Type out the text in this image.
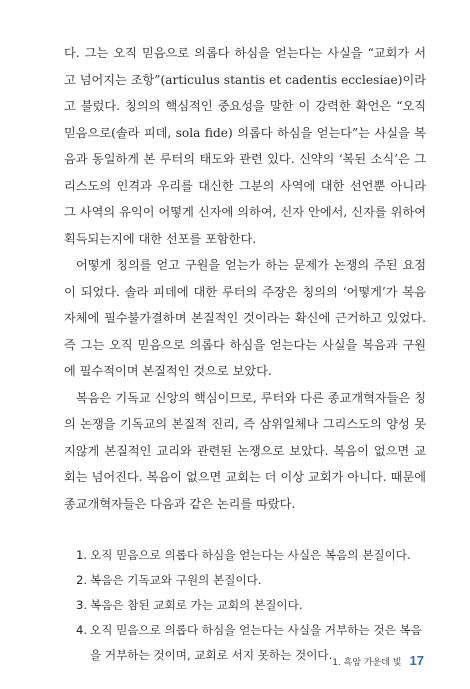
다. 그는 오직 믿음으로 의롭다 하심을 얻는다는 사실을 “교회가 서고 넘어지는 조항”(articulus stantis et cadentis ecclesiae)이라고 불렀다. 칭의의 핵심적인 중요성을 말한 이 강력한 확언은 “오직 믿음으로(솔라 피데, sola fide) 의롭다 하심을 얻는다”는 사실을 복음과 동일하게 본 루터의 태도와 관련 있다. 신약의 ‘복된 소식’은 그리스도의 인격과 우리를 대신한 그분의 사역에 대한 선언뿐 아니라 그 사역의 유익이 어떻게 신자에 의하여, 신자 안에서, 신자를 위하여 획득되는지에 대한 선포를 포함한다.

어떻게 칭의를 얻고 구원을 얻는가 하는 문제가 논쟁의 주된 요점이 되었다. 솔라 피데에 대한 루터의 주장은 칭의의 ‘어떻게’가 복음 자체에 필수불가결하며 본질적인 것이라는 확신에 근거하고 있었다. 즉 그는 오직 믿음으로 의롭다 하심을 얻는다는 사실을 복음과 구원에 필수적이며 본질적인 것으로 보았다.

복음은 기독교 신앙의 핵심이므로, 루터와 다른 종교개혁자들은 칭의 논쟁을 기독교의 본질적 진리, 즉 삼위일체나 그리스도의 양성 못지않게 본질적인 교리와 관련된 논쟁으로 보았다. 복음이 없으면 교회는 넘어진다. 복음이 없으면 교회는 더 이상 교회가 아니다. 때문에 종교개혁자들은 다음과 같은 논리를 따랐다.

1. 오직 믿음으로 의롭다 하심을 얻는다는 사실은 복음의 본질이다.
2. 복음은 기독교와 구원의 본질이다.
3. 복음은 참된 교회로 가는 교회의 본질이다.
4. 오직 믿음으로 의롭다 하심을 얻는다는 사실을 거부하는 것은 복음을 거부하는 것이며, 교회로 서지 못하는 것이다.
1. 흑암 가운데 빛 17
